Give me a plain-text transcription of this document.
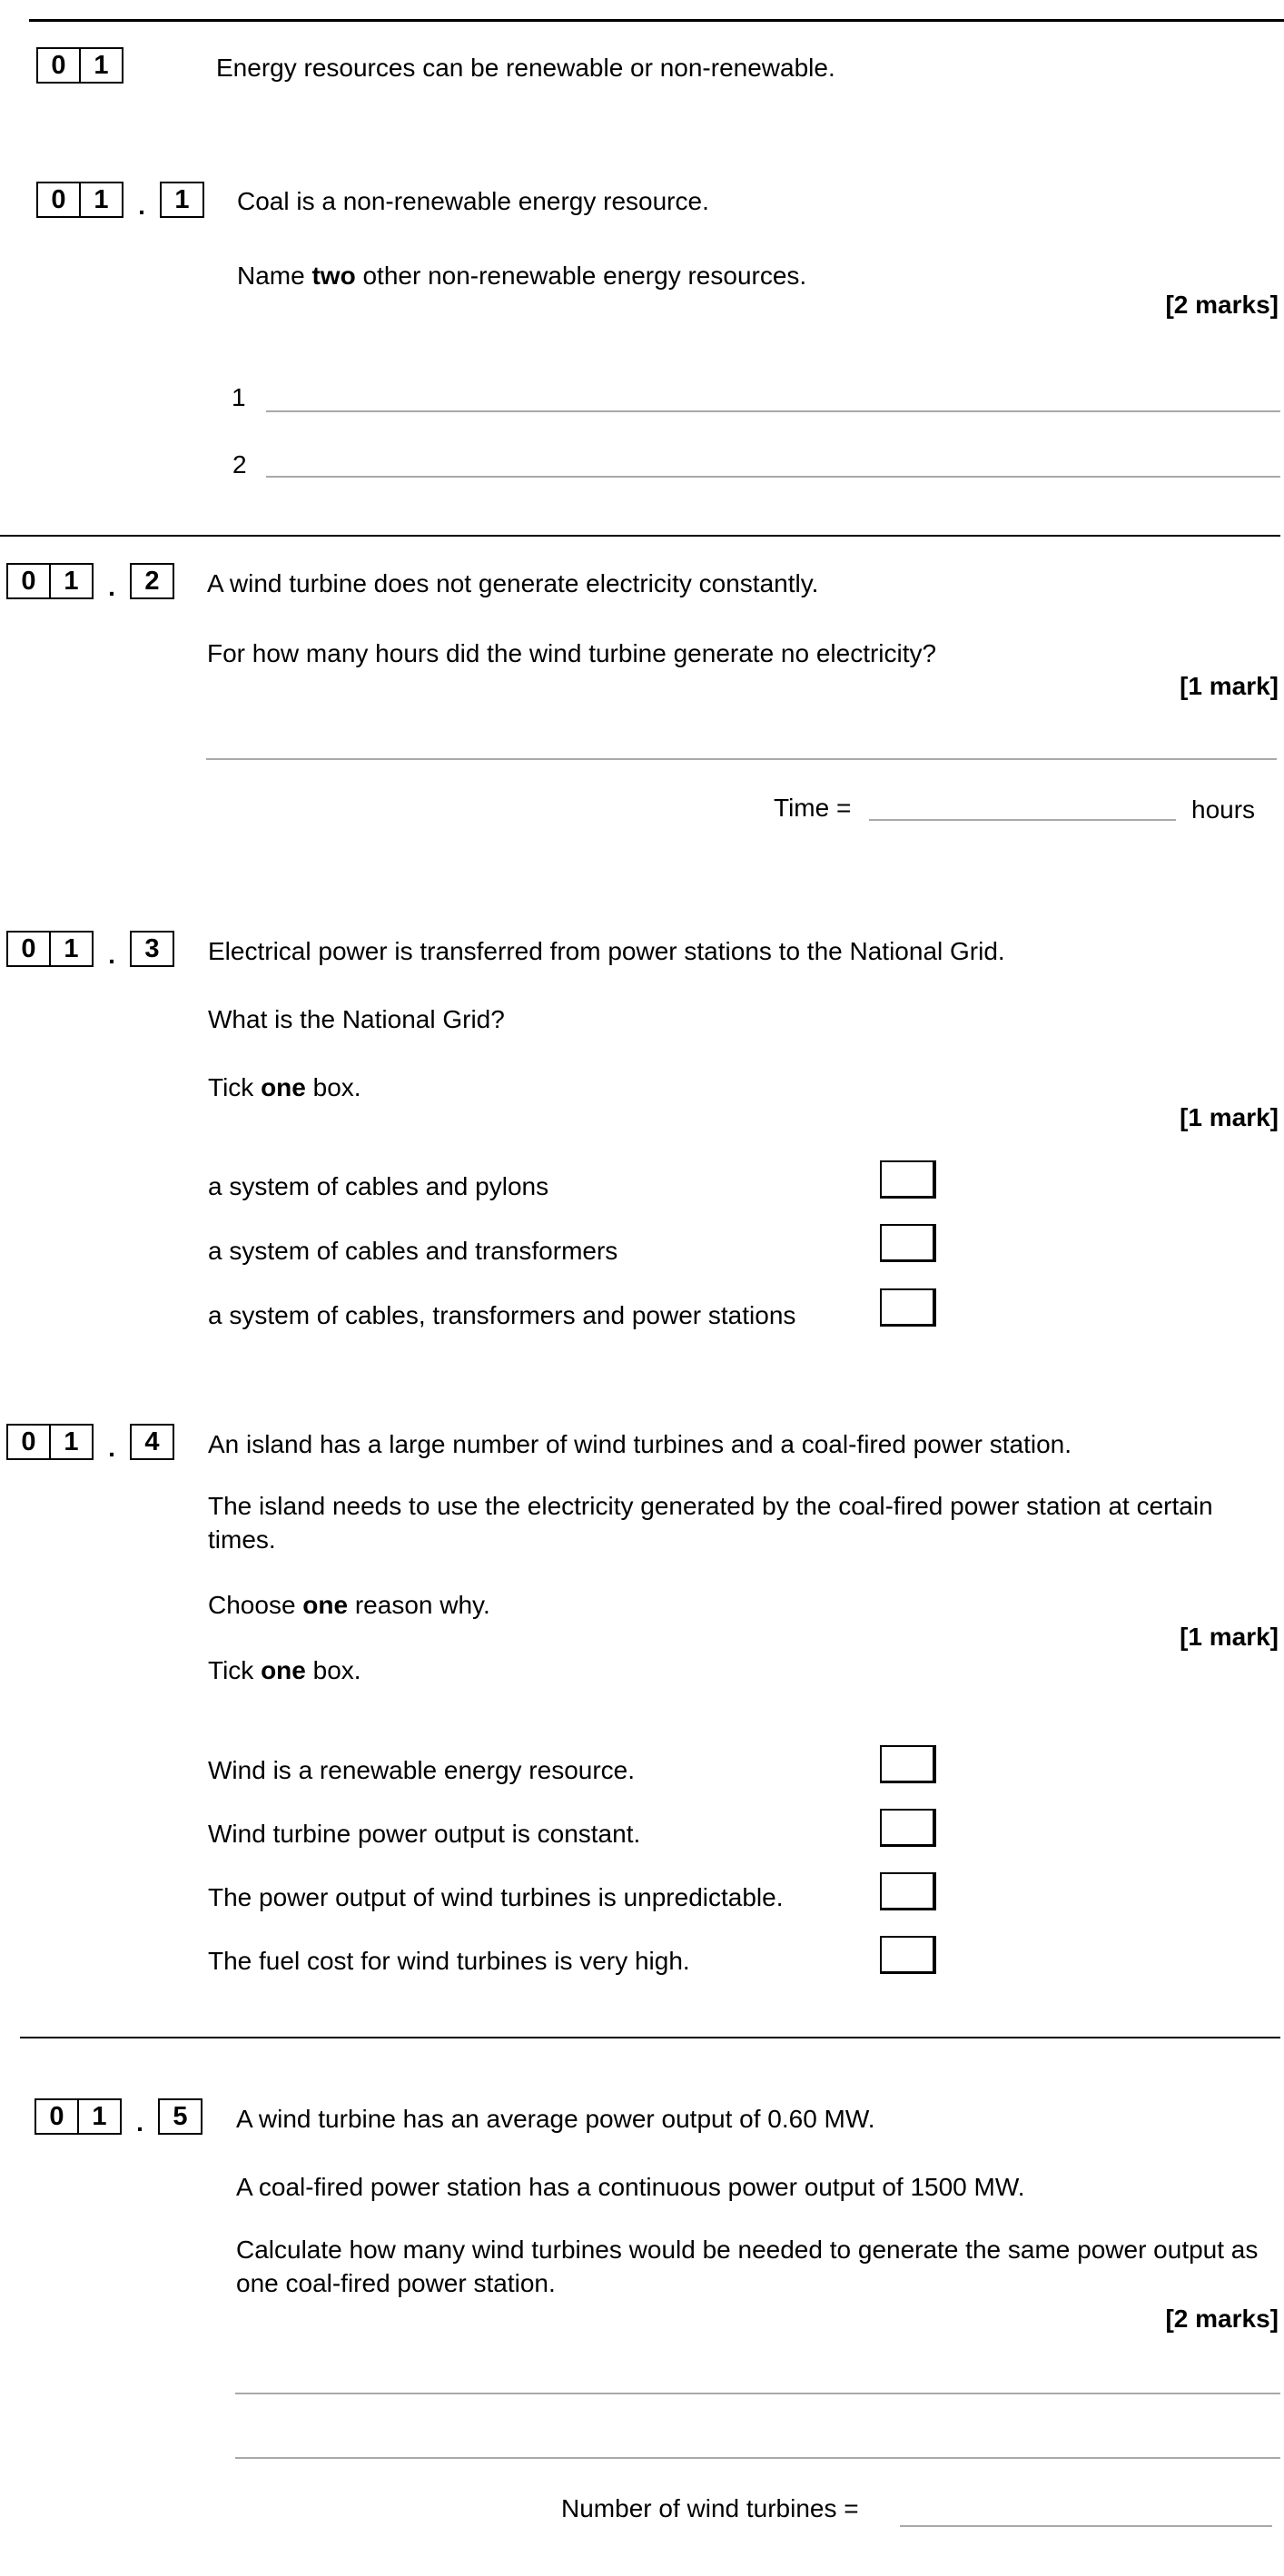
0	1	Energy resources can be renewable or non-renewable.
0	1	.	1	Coal is a non-renewable energy resource.
Name two other non-renewable energy resources.
[2 marks]
1
2
0	1	.	2	A wind turbine does not generate electricity constantly.
For how many hours did the wind turbine generate no electricity?
[1 mark]
Time =	hours
0	1	.	3	Electrical power is transferred from power stations to the National Grid.
What is the National Grid?
Tick one box.
[1 mark]
a system of cables and pylons
a system of cables and transformers
a system of cables, transformers and power stations
0	1	.	4	An island has a large number of wind turbines and a coal-fired power station.
The island needs to use the electricity generated by the coal-fired power station at certain times.
Choose one reason why.
[1 mark]
Tick one box.
Wind is a renewable energy resource.
Wind turbine power output is constant.
The power output of wind turbines is unpredictable.
The fuel cost for wind turbines is very high.
0	1	.	5	A wind turbine has an average power output of 0.60 MW.
A coal-fired power station has a continuous power output of 1500 MW.
Calculate how many wind turbines would be needed to generate the same power output as one coal-fired power station.
[2 marks]
Number of wind turbines =
